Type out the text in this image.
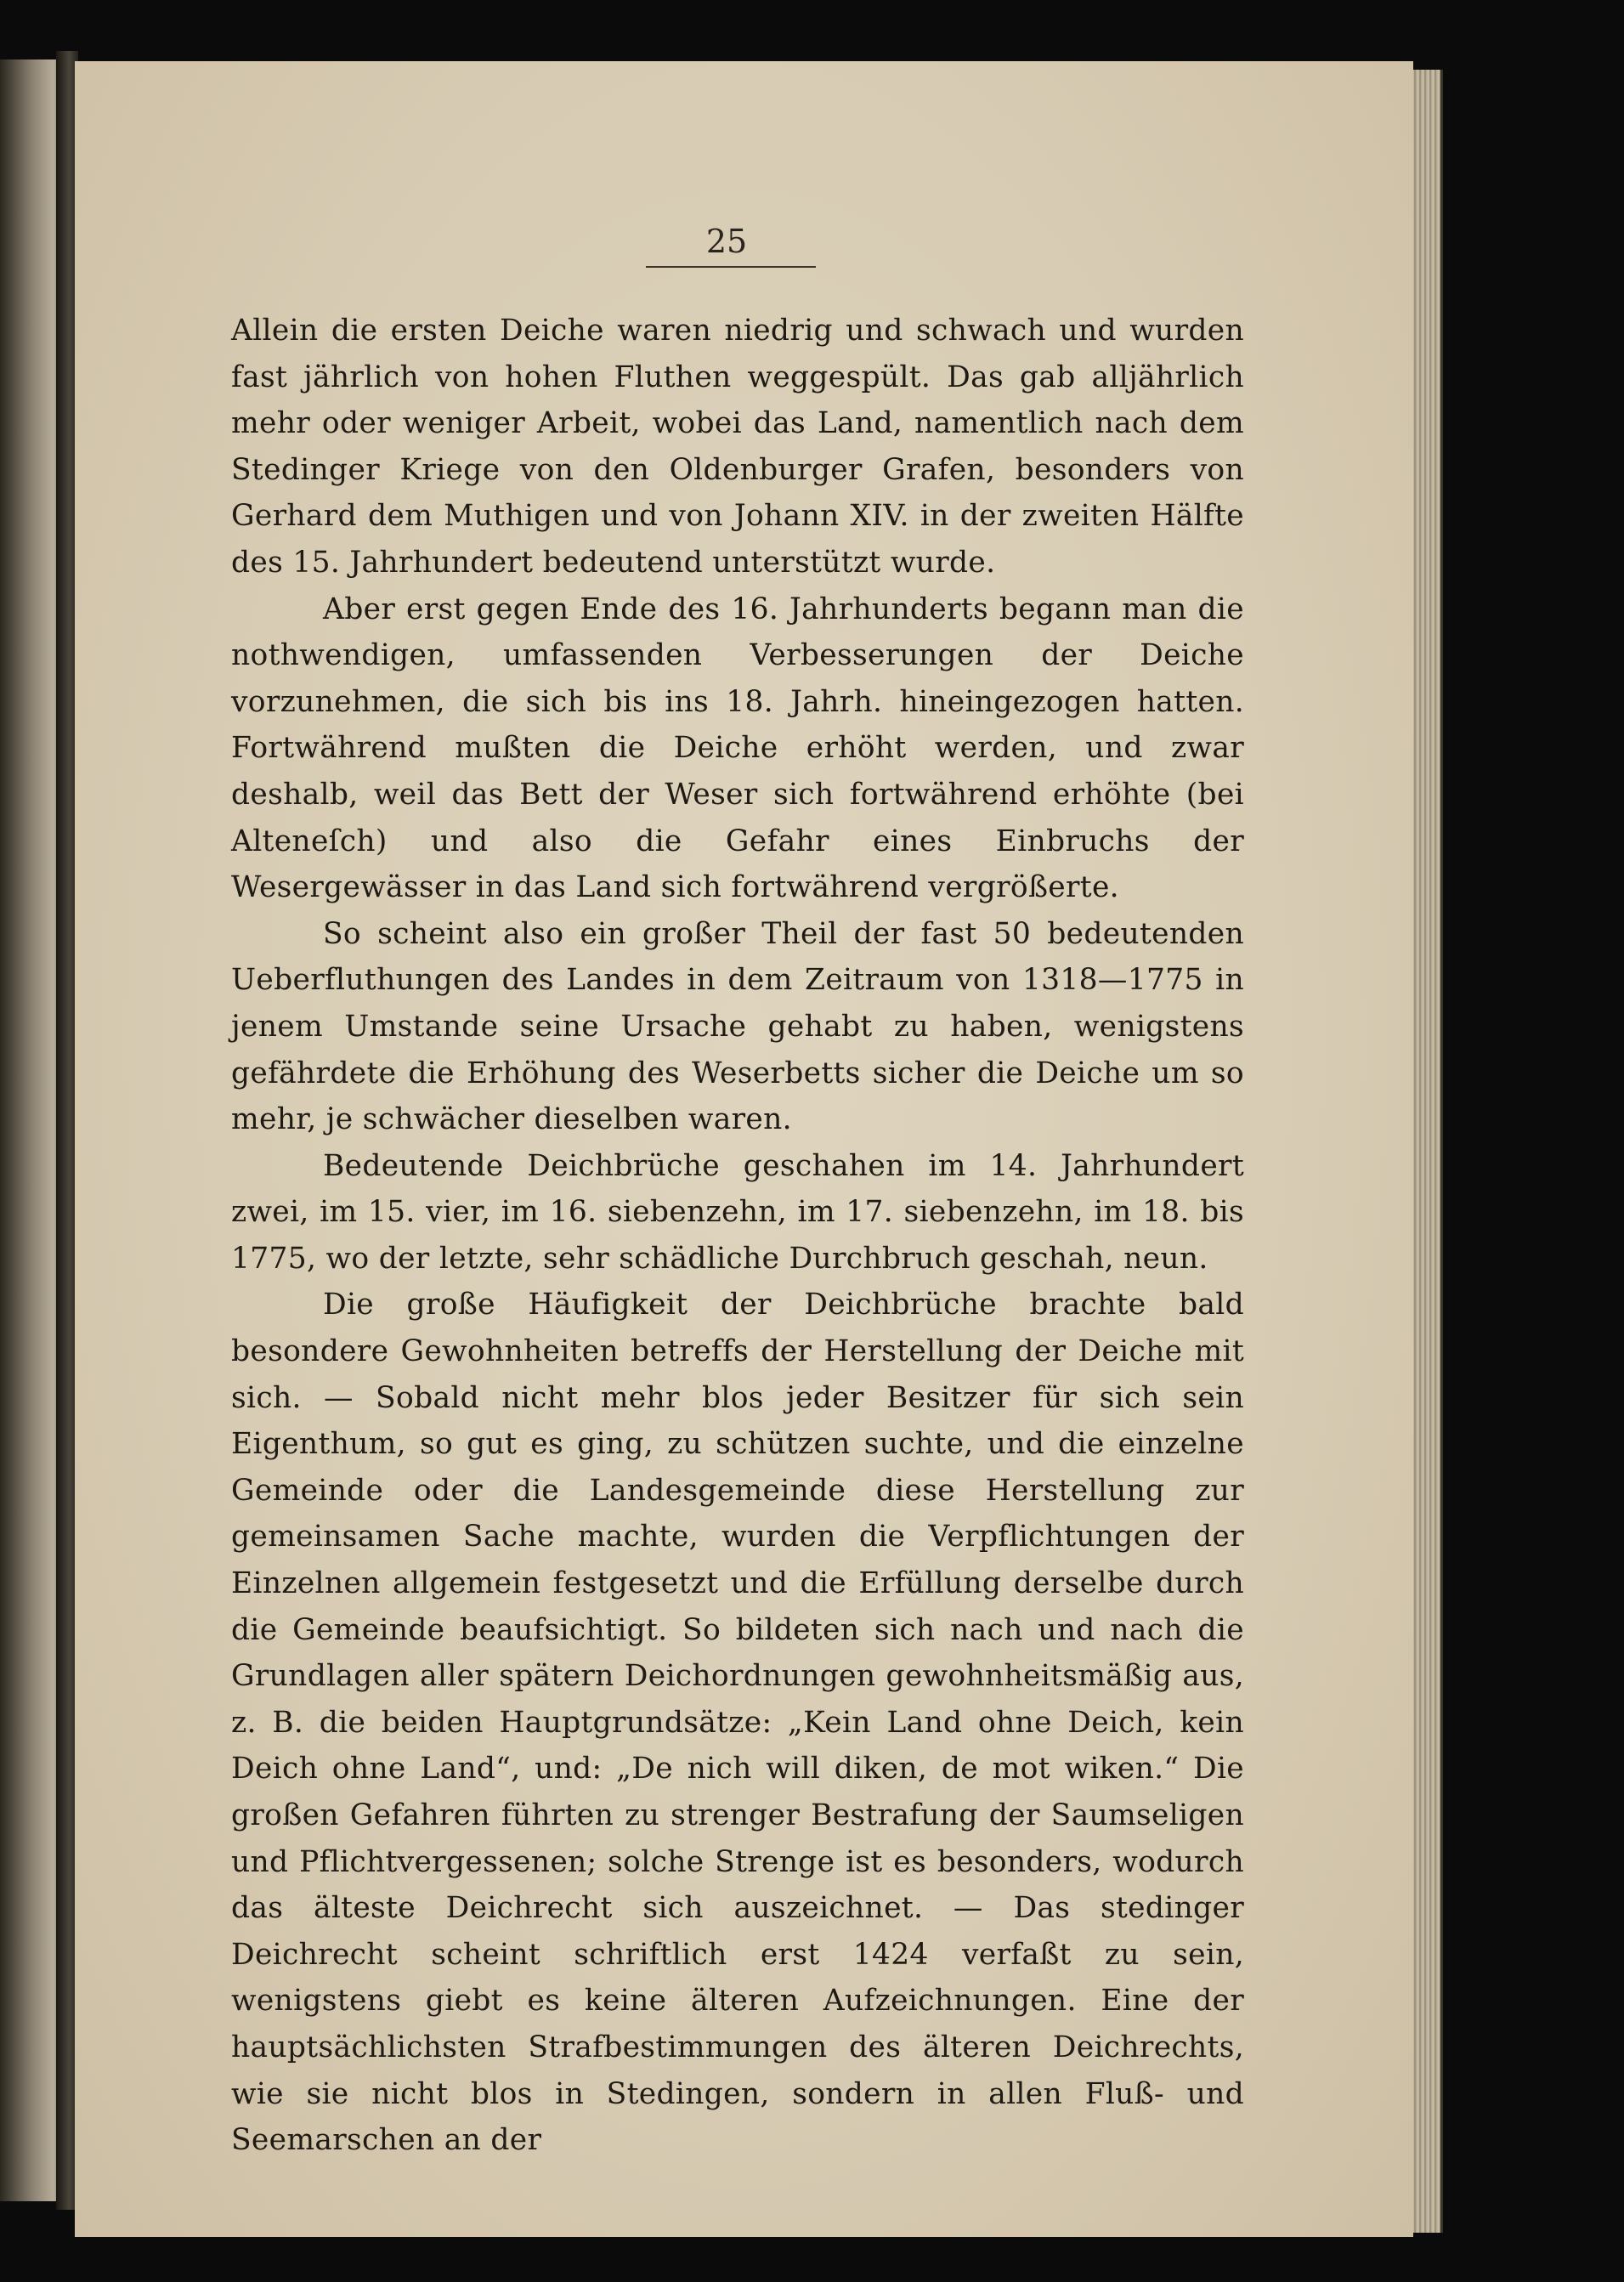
25

Allein die ersten Deiche waren niedrig und schwach und wurden fast jährlich von hohen Fluthen weggespült. Das gab alljährlich mehr oder weniger Arbeit, wobei das Land, namentlich nach dem Stedinger Kriege von den Oldenburger Grafen, besonders von Gerhard dem Muthigen und von Johann XIV. in der zweiten Hälfte des 15. Jahrhundert bedeutend unterstützt wurde.

Aber erst gegen Ende des 16. Jahrhunderts begann man die nothwendigen, umfassenden Verbesserungen der Deiche vorzunehmen, die sich bis ins 18. Jahrh. hineingezogen hatten. Fortwährend mußten die Deiche erhöht werden, und zwar deshalb, weil das Bett der Weser sich fortwährend erhöhte (bei Alteneſch) und also die Gefahr eines Einbruchs der Wesergewässer in das Land sich fortwährend vergrößerte.

So scheint also ein großer Theil der fast 50 bedeutenden Ueberfluthungen des Landes in dem Zeitraum von 1318—1775 in jenem Umstande seine Ursache gehabt zu haben, wenigstens gefährdete die Erhöhung des Weserbetts sicher die Deiche um so mehr, je schwächer dieselben waren.

Bedeutende Deichbrüche geschahen im 14. Jahrhundert zwei, im 15. vier, im 16. siebenzehn, im 17. siebenzehn, im 18. bis 1775, wo der letzte, sehr schädliche Durchbruch geschah, neun.

Die große Häufigkeit der Deichbrüche brachte bald besondere Gewohnheiten betreffs der Herstellung der Deiche mit sich. — Sobald nicht mehr blos jeder Besitzer für sich sein Eigenthum, so gut es ging, zu schützen suchte, und die einzelne Gemeinde oder die Landesgemeinde diese Herstellung zur gemeinsamen Sache machte, wurden die Verpflichtungen der Einzelnen allgemein festgesetzt und die Erfüllung derselbe durch die Gemeinde beaufsichtigt. So bildeten sich nach und nach die Grundlagen aller spätern Deichordnungen gewohnheitsmäßig aus, z. B. die beiden Hauptgrundsätze: „Kein Land ohne Deich, kein Deich ohne Land“, und: „De nich will diken, de mot wiken.“ Die großen Gefahren führten zu strenger Bestrafung der Saumseligen und Pflichtvergessenen; solche Strenge ist es besonders, wodurch das älteste Deichrecht sich auszeichnet. — Das stedinger Deichrecht scheint schriftlich erst 1424 verfaßt zu sein, wenigstens giebt es keine älteren Aufzeichnungen. Eine der hauptsächlichsten Strafbestimmungen des älteren Deichrechts, wie sie nicht blos in Stedingen, sondern in allen Fluß- und Seemarschen an der
